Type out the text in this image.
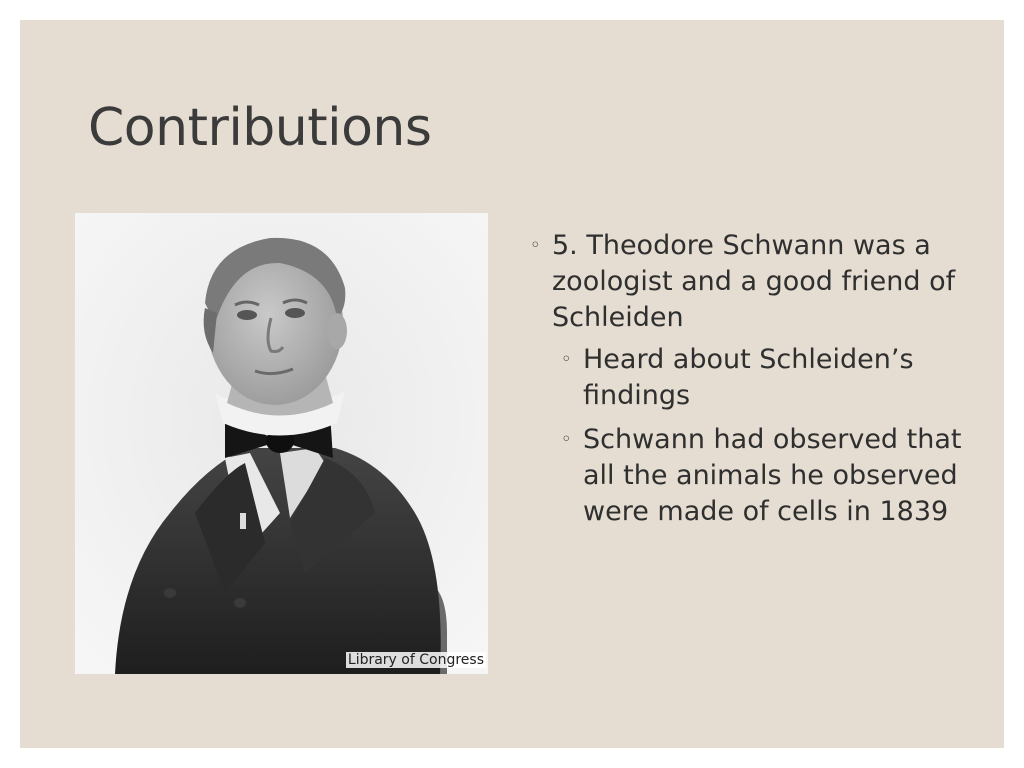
Contributions
Library of Congress
◦ 5. Theodore Schwann was a zoologist and a good friend of Schleiden
◦ Heard about Schleiden’s findings
◦ Schwann had observed that all the animals he observed were made of cells in 1839
